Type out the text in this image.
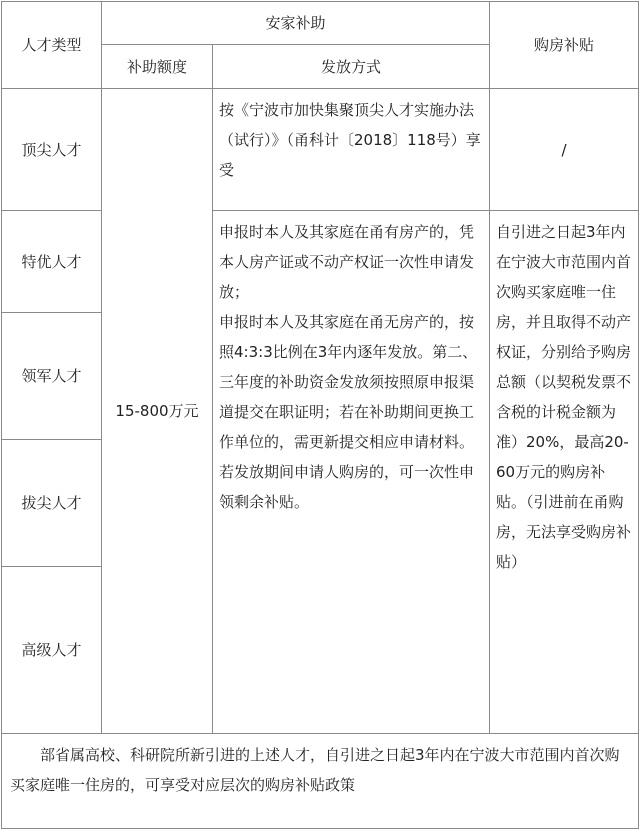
人才类型
安家补助
购房补贴
补助额度	发放方式
顶尖人才
特优人才
领军人才
拔尖人才
高级人才
15-800万元
按《宁波市加快集聚顶尖人才实施办法（试行）》（甬科计〔2018〕118号）享受
/
申报时本人及其家庭在甬有房产的，凭本人房产证或不动产权证一次性申请发放；
申报时本人及其家庭在甬无房产的，按照4:3:3比例在3年内逐年发放。第二、三年度的补助资金发放须按照原申报渠道提交在职证明；若在补助期间更换工作单位的，需更新提交相应申请材料。若发放期间申请人购房的，可一次性申领剩余补贴。
自引进之日起3年内在宁波大市范围内首次购买家庭唯一住房，并且取得不动产权证，分别给予购房总额（以契税发票不含税的计税金额为准）20%，最高20-60万元的购房补贴。（引进前在甬购房，无法享受购房补贴）
部省属高校、科研院所新引进的上述人才，自引进之日起3年内在宁波大市范围内首次购买家庭唯一住房的，可享受对应层次的购房补贴政策
